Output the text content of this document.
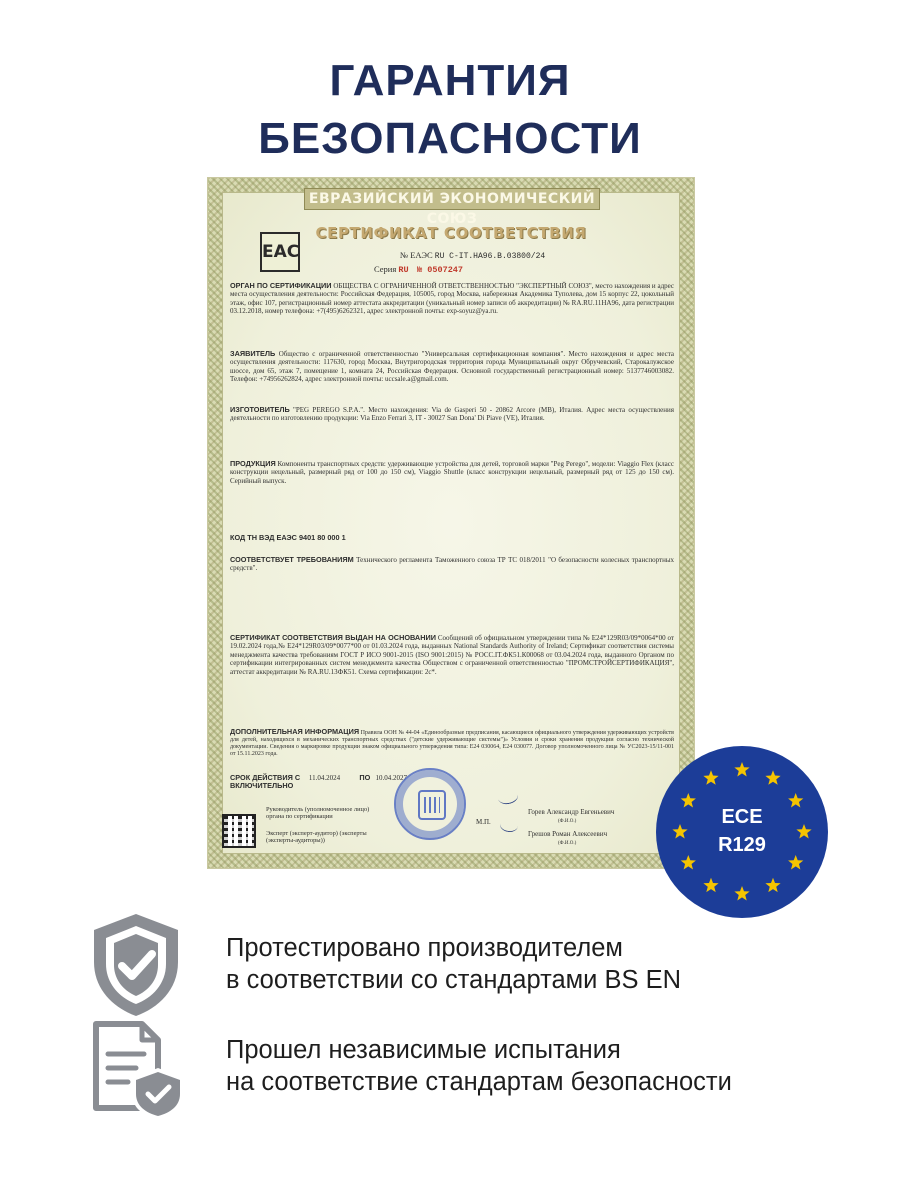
ГАРАНТИЯ
БЕЗОПАСНОСТИ
ЕВРАЗИЙСКИЙ ЭКОНОМИЧЕСКИЙ СОЮЗ
СЕРТИФИКАТ СООТВЕТСТВИЯ
EAC	№ ЕАЭС RU C-IT.НА96.В.03800/24
Серия RU № 0507247
ОРГАН ПО СЕРТИФИКАЦИИ ОБЩЕСТВА С ОГРАНИЧЕННОЙ ОТВЕТСТВЕННОСТЬЮ "ЭКСПЕРТНЫЙ СОЮЗ", место нахождения и адрес места осуществления деятельности: Российская Федерация, 105005, город Москва, набережная Академика Туполева, дом 15 корпус 22, цокольный этаж, офис 107, регистрационный номер аттестата аккредитации (уникальный номер записи об аккредитации) № RA.RU.11НА96, дата регистрации 03.12.2018, номер телефона: +7(495)6262321, адрес электронной почты: exp-soyuz@ya.ru.
ЗАЯВИТЕЛЬ Общество с ограниченной ответственностью "Универсальная сертификационная компания". Место нахождения и адрес места осуществления деятельности: 117630, город Москва, Внутригородская территория города Муниципальный округ Обручевский, Старокалужское шоссе, дом 65, этаж 7, помещение 1, комната 24, Российская Федерация. Основной государственный регистрационный номер: 5137746003082. Телефон: +74956262824, адрес электронной почты: uccsale.a@gmail.com.
ИЗГОТОВИТЕЛЬ "PEG PEREGO S.P.A.". Место нахождения: Via de Gasperi 50 - 20862 Arcore (MB), Италия. Адрес места осуществления деятельности по изготовлению продукции: Via Enzo Ferrari 3, IT - 30027 San Dona' Di Piave (VE), Италия.
ПРОДУКЦИЯ Компоненты транспортных средств: удерживающие устройства для детей, торговой марки "Peg Perego", модели: Viaggio Flex (класс конструкции нецельный, размерный ряд от 100 до 150 см), Viaggio Shuttle (класс конструкции нецельный, размерный ряд от 125 до 150 см). Серийный выпуск.
КОД ТН ВЭД ЕАЭС 9401 80 000 1
СООТВЕТСТВУЕТ ТРЕБОВАНИЯМ Технического регламента Таможенного союза ТР ТС 018/2011 "О безопасности колесных транспортных средств".
СЕРТИФИКАТ СООТВЕТСТВИЯ ВЫДАН НА ОСНОВАНИИ Сообщений об официальном утверждении типа № E24*129R03/09*0064*00 от 19.02.2024 года,№ E24*129R03/09*0077*00 от 01.03.2024 года, выданных National Standards Authority of Ireland; Сертификат соответствия системы менеджмента качества требованиям ГОСТ Р ИСО 9001-2015 (ISO 9001:2015) № РОСС.IT.ФК51.К00068 от 03.04.2024 года, выданного Органом по сертификации интегрированных систем менеджмента качества Обществом с ограниченной ответственностью "ПРОМСТРОЙСЕРТИФИКАЦИЯ", аттестат аккредитации № RA.RU.13ФК51. Схема сертификации: 2с*.
ДОПОЛНИТЕЛЬНАЯ ИНФОРМАЦИЯ Правила ООН № 44-04 «Единообразные предписания, касающиеся официального утверждения удерживающих устройств для детей, находящихся в механических транспортных средствах ("детские удерживающие системы")» Условия и сроки хранения продукции согласно технической документации. Сведения о маркировке продукции знаком официального утверждения типа: E24 030064, E24 030077. Договор уполномоченного лица № УС2023-15/11-001 от 15.11.2023 года.
СРОК ДЕЙСТВИЯ С 11.04.2024	ПО 10.04.2027
ВКЛЮЧИТЕЛЬНО
Руководитель (уполномоченное лицо) органа по сертификации
Эксперт (эксперт-аудитор) (эксперты (эксперты-аудиторы))
М.П.
Горев Александр Евгеньевич
(Ф.И.О.)
Грешов Роман Алексеевич
(Ф.И.О.)
ECE
R129
Протестировано производителем
в соответствии со стандартами BS EN
Прошел независимые испытания
на соответствие стандартам безопасности
